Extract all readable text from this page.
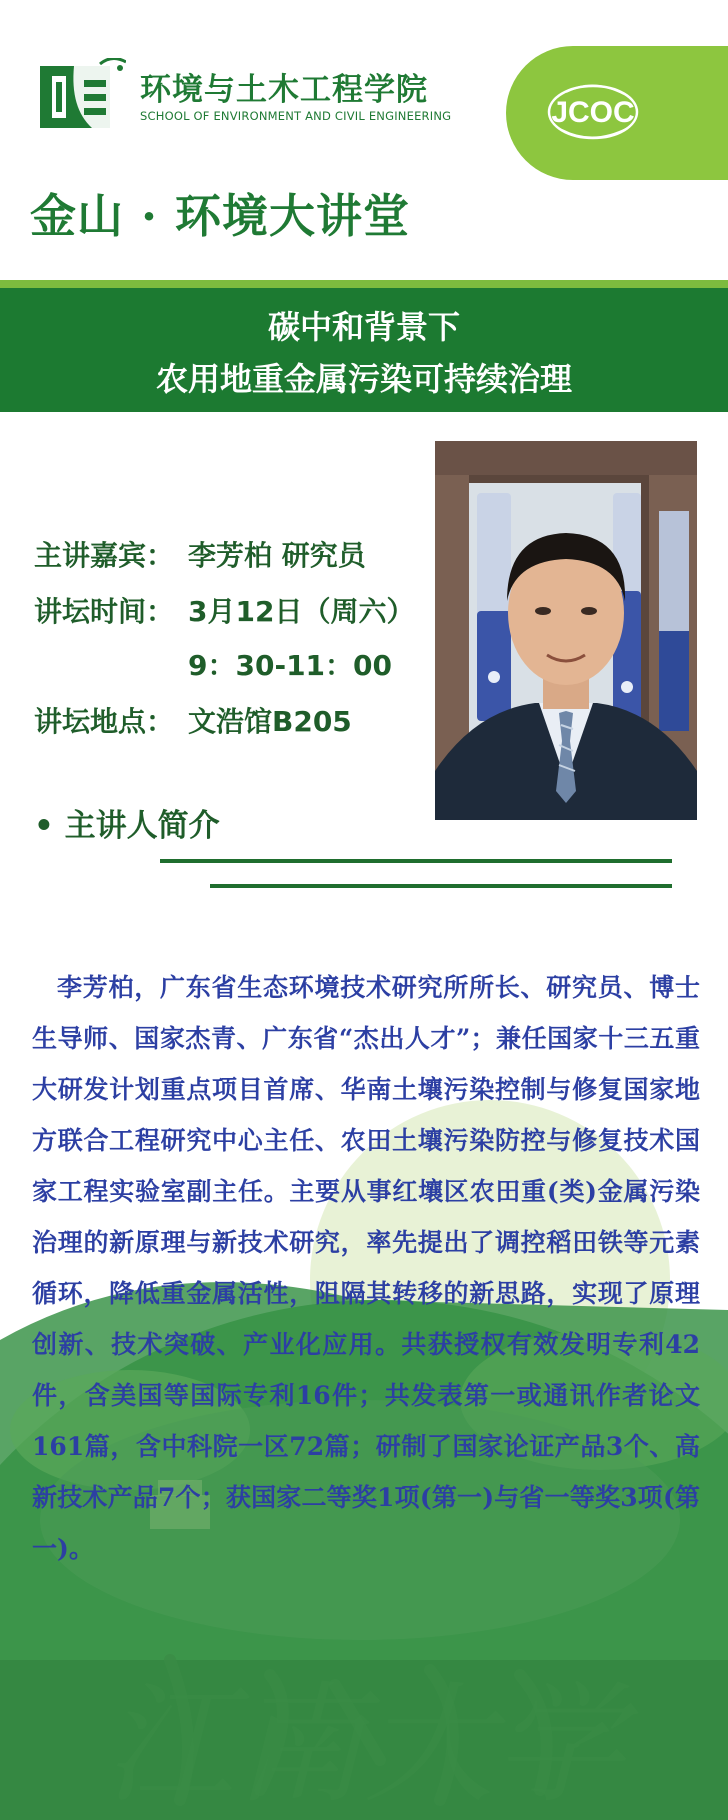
环境与土木工程学院
SCHOOL OF ENVIRONMENT AND CIVIL ENGINEERING	JCOC
金山 · 环境大讲堂
碳中和背景下
农用地重金属污染可持续治理
主讲嘉宾： 李芳柏 研究员
讲坛时间： 3月12日（周六）
9：30-11：00
讲坛地点： 文浩馆B205
• 主讲人简介
江南大学

李芳柏，广东省生态环境技术研究所所长、研究员、博士生导师、国家杰青、广东省“杰出人才”；兼任国家十三五重大研发计划重点项目首席、华南土壤污染控制与修复国家地方联合工程研究中心主任、农田土壤污染防控与修复技术国家工程实验室副主任。主要从事红壤区农田重(类)金属污染治理的新原理与新技术研究，率先提出了调控稻田铁等元素循环，降低重金属活性，阻隔其转移的新思路，实现了原理创新、技术突破、产业化应用。共获授权有效发明专利42件，含美国等国际专利16件；共发表第一或通讯作者论文161篇，含中科院一区72篇；研制了国家论证产品3个、高新技术产品7个；获国家二等奖1项(第一)与省一等奖3项(第一)。
